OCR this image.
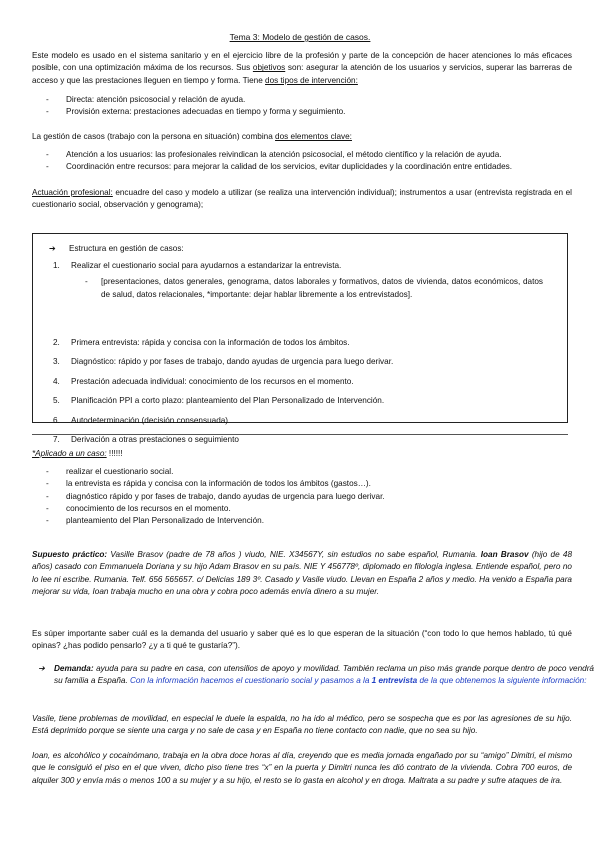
Tema 3: Modelo de gestión de casos.
Este modelo es usado en el sistema sanitario y en el ejercicio libre de la profesión y parte de la concepción de hacer atenciones lo más eficaces posible, con una optimización máxima de los recursos. Sus objetivos son: asegurar la atención de los usuarios y servicios, superar las barreras de acceso y que las prestaciones lleguen en tiempo y forma. Tiene dos tipos de intervención:
- Directa: atención psicosocial y relación de ayuda.
- Provisión externa: prestaciones adecuadas en tiempo y forma y seguimiento.
La gestión de casos (trabajo con la persona en situación) combina dos elementos clave:
- Atención a los usuarios: las profesionales reivindican la atención psicosocial, el método científico y la relación de ayuda.
- Coordinación entre recursos: para mejorar la calidad de los servicios, evitar duplicidades y la coordinación entre entidades.
Actuación profesional: encuadre del caso y modelo a utilizar (se realiza una intervención individual); instrumentos a usar (entrevista registrada en el cuestionario social, observación y genograma);
➔ Estructura en gestión de casos:
1. Realizar el cuestionario social para ayudarnos a estandarizar la entrevista.
2. Primera entrevista: rápida y concisa con la información de todos los ámbitos.
3. Diagnóstico: rápido y por fases de trabajo, dando ayudas de urgencia para luego derivar.
4. Prestación adecuada individual: conocimiento de los recursos en el momento.
5. Planificación PPI a corto plazo: planteamiento del Plan Personalizado de Intervención.
6. Autodeterminación (decisión consensuada)
7. Derivación a otras prestaciones o seguimiento
-	[presentaciones, datos generales, genograma, datos laborales y formativos, datos de vivienda, datos económicos, datos de salud, datos relacionales, *importante: dejar hablar libremente a los entrevistados].
*Aplicado a un caso: !!!!!!
- realizar el cuestionario social.
- la entrevista es rápida y concisa con la información de todos los ámbitos (gastos…).
- diagnóstico rápido y por fases de trabajo, dando ayudas de urgencia para luego derivar.
- conocimiento de los recursos en el momento.
- planteamiento del Plan Personalizado de Intervención.
Supuesto práctico: Vasille Brasov (padre de 78 años ) viudo, NIE. X34567Y, sin estudios no sabe español, Rumania. Ioan Brasov (hijo de 48 años) casado con Emmanuela Doriana y su hijo Adam Brasov en su país. NIE Y 456778º, diplomado en filología inglesa. Entiende español, pero no lo lee ni escribe. Rumania. Telf. 656 565657. c/ Delicias 189 3º. Casado y Vasile viudo. Llevan en España 2 años y medio. Ha venido a España para mejorar su vida, Ioan trabaja mucho en una obra y cobra poco además envía dinero a su mujer.
Es súper importante saber cuál es la demanda del usuario y saber qué es lo que esperan de la situación (“con todo lo que hemos hablado, tú qué opinas? ¿has podido pensarlo? ¿y a ti qué te gustaría?”).
➔ Demanda: ayuda para su padre en casa, con utensilios de apoyo y movilidad. También reclama un piso más grande porque dentro de poco vendrá su familia a España. Con la información hacemos el cuestionario social y pasamos a la 1 entrevista de la que obtenemos la siguiente información:
Vasile, tiene problemas de movilidad, en especial le duele la espalda, no ha ido al médico, pero se sospecha que es por las agresiones de su hijo. Está deprimido porque se siente una carga y no sale de casa y en España no tiene contacto con nadie, que no sea su hijo.
Ioan, es alcohólico y cocainómano, trabaja en la obra doce horas al día, creyendo que es media jornada engañado por su “amigo” Dimitri, el mismo que le consiguió el piso en el que viven, dicho piso tiene tres “x” en la puerta y Dimitri nunca les dió contrato de la vivienda. Cobra 700 euros, de alquiler 300 y envía más o menos 100 a su mujer y a su hijo, el resto se lo gasta en alcohol y en droga. Maltrata a su padre y sufre ataques de ira.
